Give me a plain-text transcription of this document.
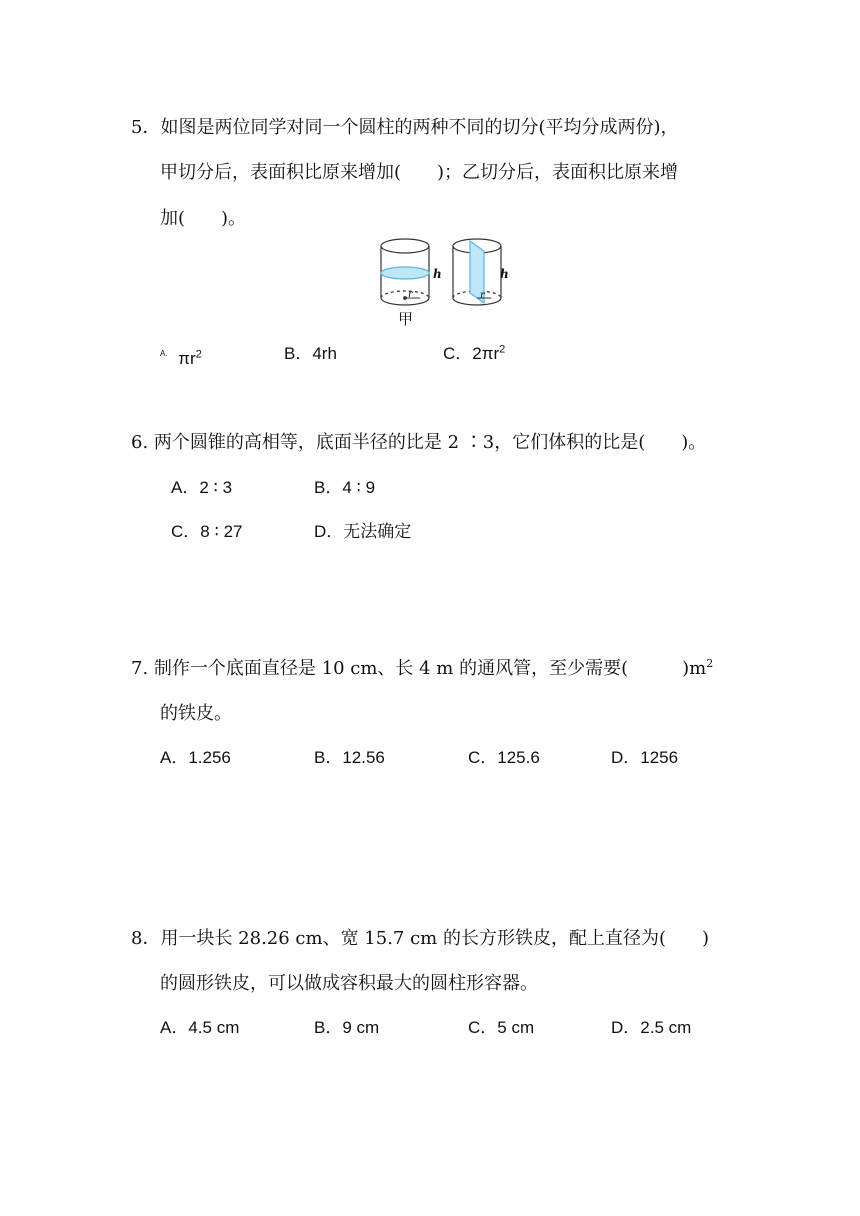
5．如图是两位同学对同一个圆柱的两种不同的切分(平均分成两份)，
甲切分后，表面积比原来增加(　　)；乙切分后，表面积比原来增
加(　　)。
h
r
h
r
甲
$^{A.}$ $\pi r^2$	B．4rh	C．$2\pi r^2$
6. 两个圆锥的高相等，底面半径的比是 2 ∶3，它们体积的比是(　　)。
A．2 ∶ 3	B．4 ∶ 9
C．8 ∶ 27	D．无法确定
7. 制作一个底面直径是 10 cm、长 4 m 的通风管，至少需要(　　　)$m^2$
的铁皮。
A．1.256	B．12.56	C．125.6	D．1256
8．用一块长 28.26 cm、宽 15.7 cm 的长方形铁皮，配上直径为(　　)
的圆形铁皮，可以做成容积最大的圆柱形容器。
A．4.5 cm	B．9 cm	C．5 cm	D．2.5 cm
